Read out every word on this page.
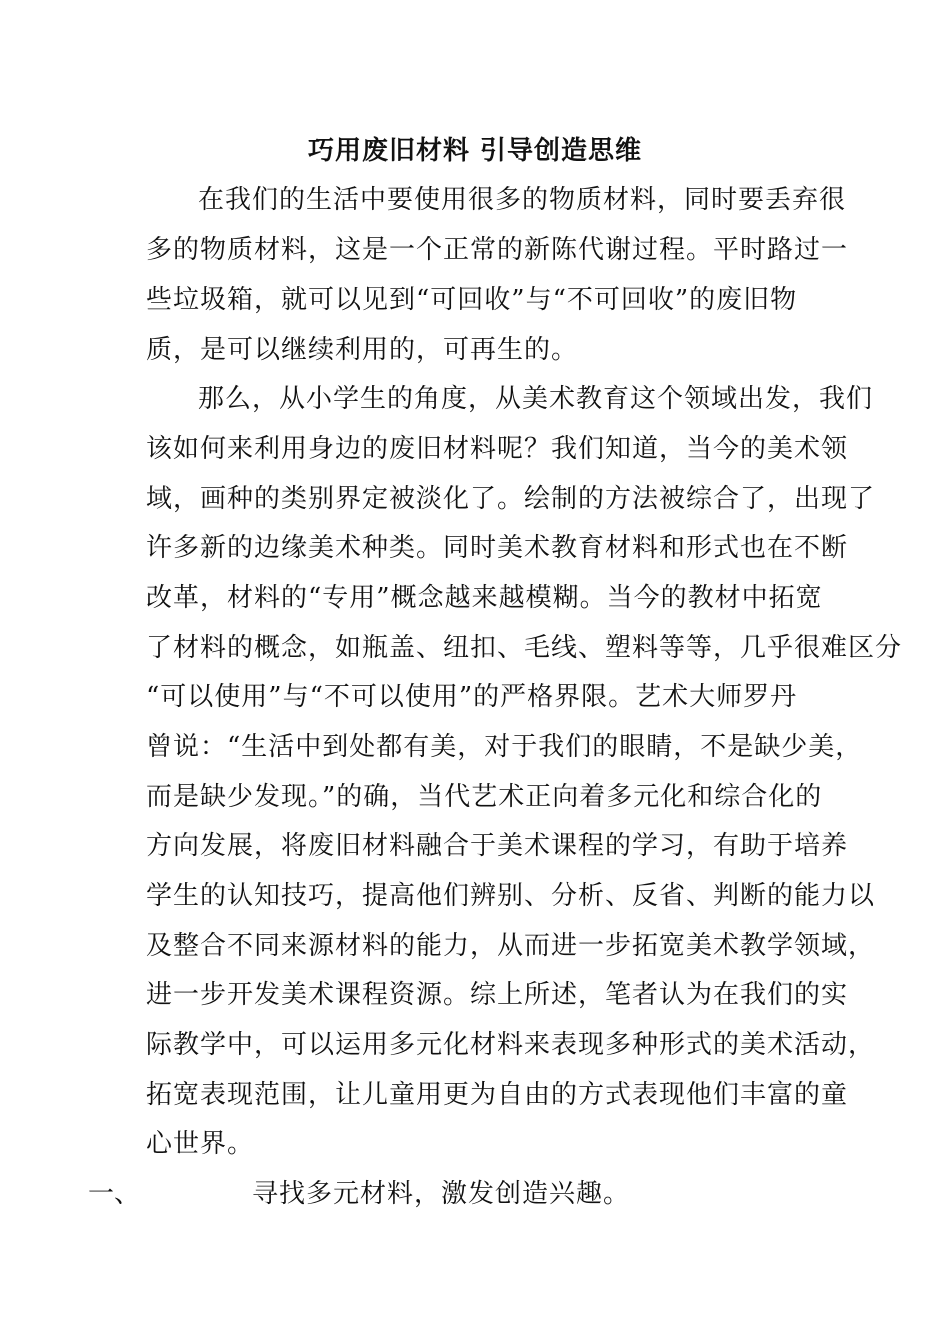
巧用废旧材料 引导创造思维
在我们的生活中要使用很多的物质材料，同时要丢弃很
多的物质材料，这是一个正常的新陈代谢过程。平时路过一
些垃圾箱，就可以见到“可回收”与“不可回收”的废旧物
质，是可以继续利用的，可再生的。
那么，从小学生的角度，从美术教育这个领域出发，我们
该如何来利用身边的废旧材料呢？我们知道，当今的美术领
域，画种的类别界定被淡化了。绘制的方法被综合了，出现了
许多新的边缘美术种类。同时美术教育材料和形式也在不断
改革，材料的“专用”概念越来越模糊。当今的教材中拓宽
了材料的概念，如瓶盖、纽扣、毛线、塑料等等，几乎很难区分
“可以使用”与“不可以使用”的严格界限。艺术大师罗丹
曾说：“生活中到处都有美，对于我们的眼睛，不是缺少美，
而是缺少发现。”的确，当代艺术正向着多元化和综合化的
方向发展，将废旧材料融合于美术课程的学习，有助于培养
学生的认知技巧，提高他们辨别、分析、反省、判断的能力以
及整合不同来源材料的能力，从而进一步拓宽美术教学领域，
进一步开发美术课程资源。综上所述，笔者认为在我们的实
际教学中，可以运用多元化材料来表现多种形式的美术活动，
拓宽表现范围，让儿童用更为自由的方式表现他们丰富的童
心世界。
一、	寻找多元材料，激发创造兴趣。
